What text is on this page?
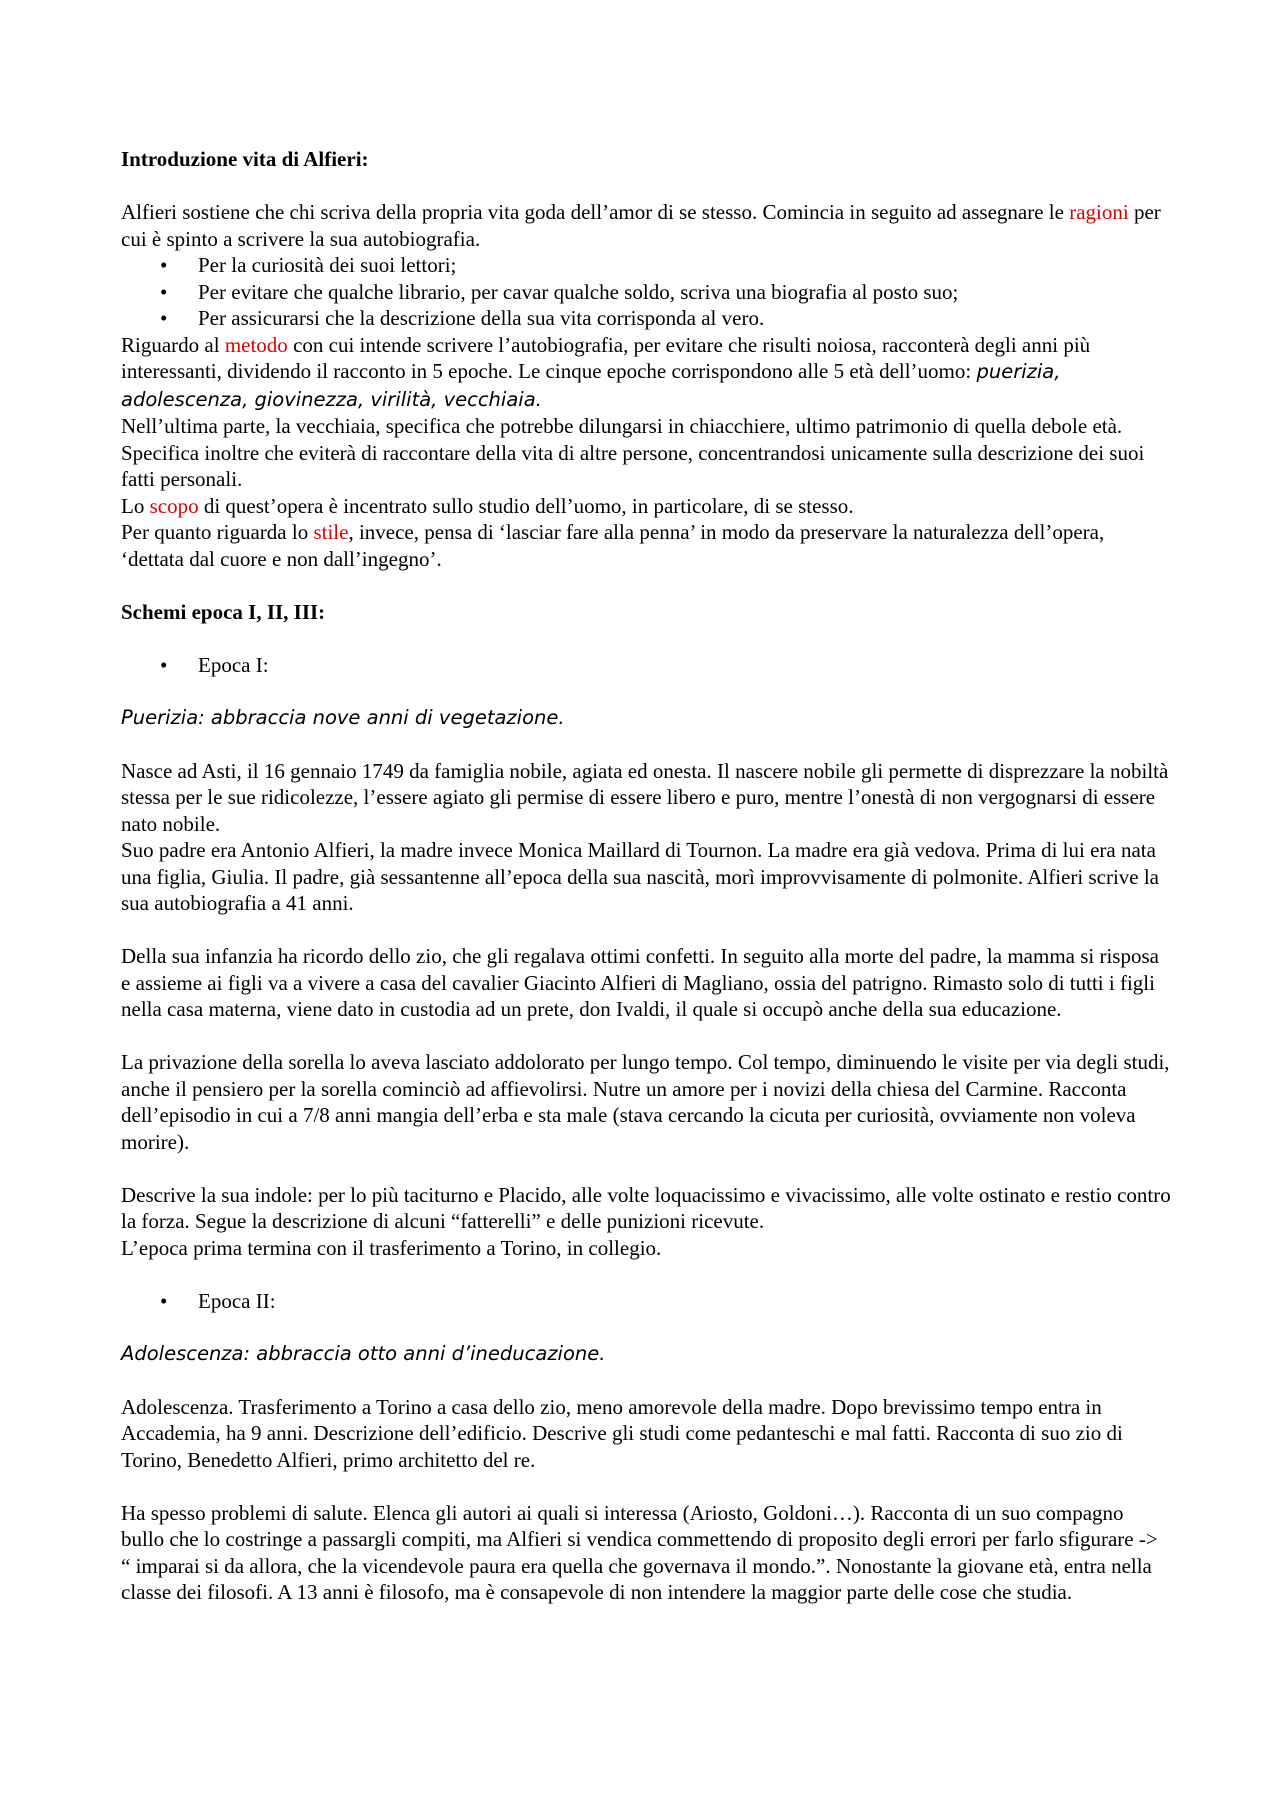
Introduzione vita di Alfieri:

Alfieri sostiene che chi scriva della propria vita goda dell’amor di se stesso. Comincia in seguito ad assegnare le ragioni per cui è spinto a scrivere la sua autobiografia.

• Per la curiosità dei suoi lettori;
• Per evitare che qualche librario, per cavar qualche soldo, scriva una biografia al posto suo;
• Per assicurarsi che la descrizione della sua vita corrisponda al vero.

Riguardo al metodo con cui intende scrivere l’autobiografia, per evitare che risulti noiosa, racconterà degli anni più interessanti, dividendo il racconto in 5 epoche. Le cinque epoche corrispondono alle 5 età dell’uomo: puerizia, adolescenza, giovinezza, virilità, vecchiaia.

Nell’ultima parte, la vecchiaia, specifica che potrebbe dilungarsi in chiacchiere, ultimo patrimonio di quella debole età.

Specifica inoltre che eviterà di raccontare della vita di altre persone, concentrandosi unicamente sulla descrizione dei suoi fatti personali.

Lo scopo di quest’opera è incentrato sullo studio dell’uomo, in particolare, di se stesso.

Per quanto riguarda lo stile, invece, pensa di ‘lasciar fare alla penna’ in modo da preservare la naturalezza dell’opera, ‘dettata dal cuore e non dall’ingegno’.

Schemi epoca I, II, III:
• Epoca I:

Puerizia: abbraccia nove anni di vegetazione.

Nasce ad Asti, il 16 gennaio 1749 da famiglia nobile, agiata ed onesta. Il nascere nobile gli permette di disprezzare la nobiltà stessa per le sue ridicolezze, l’essere agiato gli permise di essere libero e puro, mentre l’onestà di non vergognarsi di essere nato nobile.

Suo padre era Antonio Alfieri, la madre invece Monica Maillard di Tournon. La madre era già vedova. Prima di lui era nata una figlia, Giulia. Il padre, già sessantenne all’epoca della sua nascità, morì improvvisamente di polmonite. Alfieri scrive la sua autobiografia a 41 anni.

Della sua infanzia ha ricordo dello zio, che gli regalava ottimi confetti. In seguito alla morte del padre, la mamma si risposa e assieme ai figli va a vivere a casa del cavalier Giacinto Alfieri di Magliano, ossia del patrigno. Rimasto solo di tutti i figli nella casa materna, viene dato in custodia ad un prete, don Ivaldi, il quale si occupò anche della sua educazione.

La privazione della sorella lo aveva lasciato addolorato per lungo tempo. Col tempo, diminuendo le visite per via degli studi, anche il pensiero per la sorella cominciò ad affievolirsi. Nutre un amore per i novizi della chiesa del Carmine. Racconta dell’episodio in cui a 7/8 anni mangia dell’erba e sta male (stava cercando la cicuta per curiosità, ovviamente non voleva morire).

Descrive la sua indole: per lo più taciturno e Placido, alle volte loquacissimo e vivacissimo, alle volte ostinato e restio contro la forza. Segue la descrizione di alcuni “fatterelli” e delle punizioni ricevute.

L’epoca prima termina con il trasferimento a Torino, in collegio.

• Epoca II:

Adolescenza: abbraccia otto anni d’ineducazione.

Adolescenza. Trasferimento a Torino a casa dello zio, meno amorevole della madre. Dopo brevissimo tempo entra in Accademia, ha 9 anni. Descrizione dell’edificio. Descrive gli studi come pedanteschi e mal fatti. Racconta di suo zio di Torino, Benedetto Alfieri, primo architetto del re.

Ha spesso problemi di salute. Elenca gli autori ai quali si interessa (Ariosto, Goldoni…). Racconta di un suo compagno bullo che lo costringe a passargli compiti, ma Alfieri si vendica commettendo di proposito degli errori per farlo sfigurare -> “ imparai si da allora, che la vicendevole paura era quella che governava il mondo.”. Nonostante la giovane età, entra nella classe dei filosofi. A 13 anni è filosofo, ma è consapevole di non intendere la maggior parte delle cose che studia.
